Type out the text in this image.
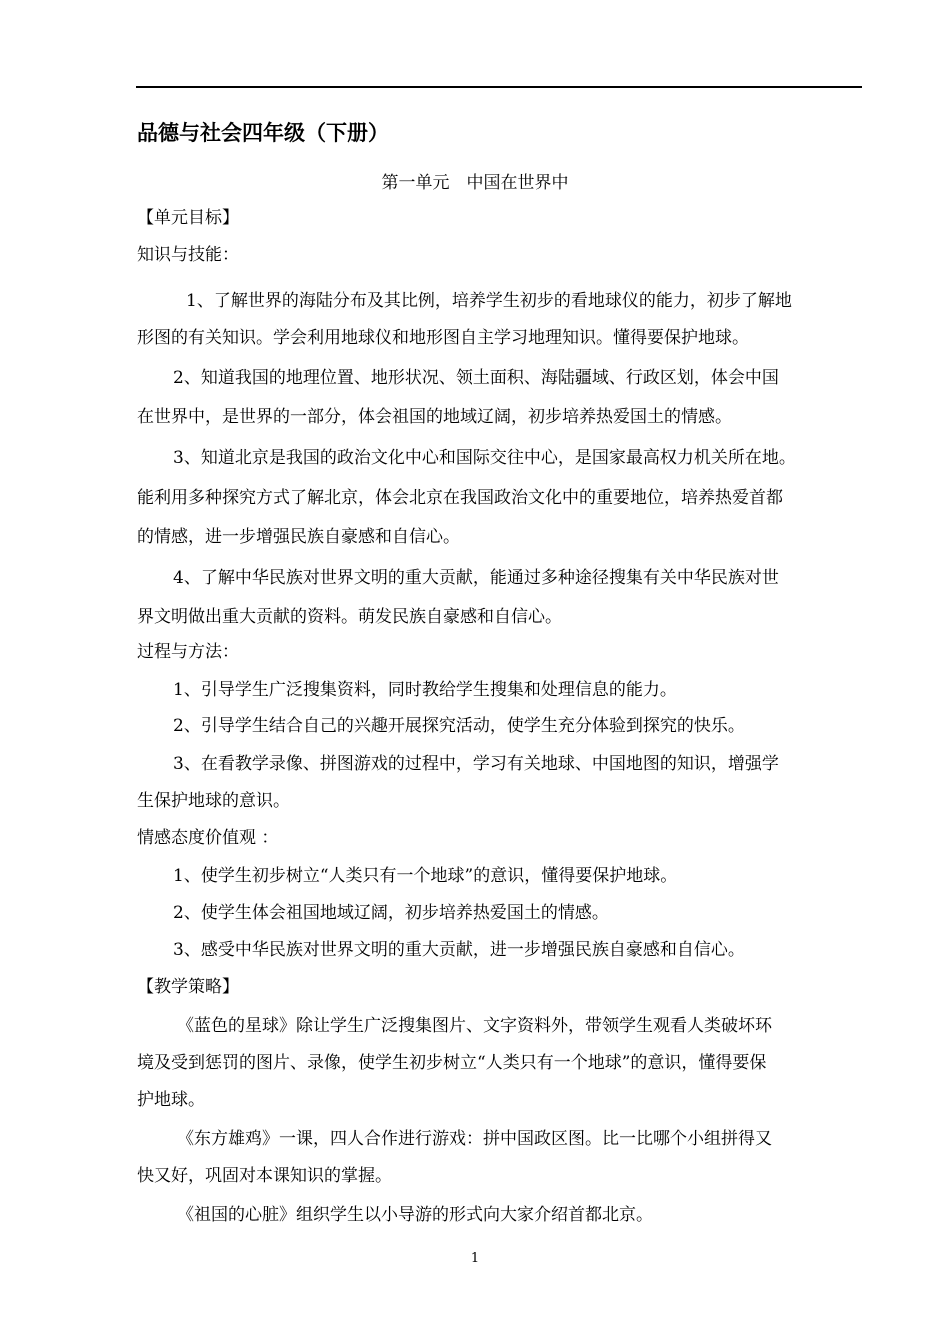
品德与社会四年级（下册）
第一单元　中国在世界中
【单元目标】
知识与技能：
1、了解世界的海陆分布及其比例，培养学生初步的看地球仪的能力，初步了解地
形图的有关知识。学会利用地球仪和地形图自主学习地理知识。懂得要保护地球。
2、知道我国的地理位置、地形状况、领土面积、海陆疆域、行政区划，体会中国
在世界中，是世界的一部分，体会祖国的地域辽阔，初步培养热爱国土的情感。
3、知道北京是我国的政治文化中心和国际交往中心，是国家最高权力机关所在地。
能利用多种探究方式了解北京，体会北京在我国政治文化中的重要地位，培养热爱首都
的情感，进一步增强民族自豪感和自信心。
4、了解中华民族对世界文明的重大贡献，能通过多种途径搜集有关中华民族对世
界文明做出重大贡献的资料。萌发民族自豪感和自信心。
过程与方法：
1、引导学生广泛搜集资料，同时教给学生搜集和处理信息的能力。
2、引导学生结合自己的兴趣开展探究活动，使学生充分体验到探究的快乐。
3、在看教学录像、拼图游戏的过程中，学习有关地球、中国地图的知识，增强学
生保护地球的意识。
情感态度价值观 ：
1、使学生初步树立“人类只有一个地球”的意识，懂得要保护地球。
2、使学生体会祖国地域辽阔，初步培养热爱国土的情感。
3、感受中华民族对世界文明的重大贡献，进一步增强民族自豪感和自信心。
【教学策略】
《蓝色的星球》除让学生广泛搜集图片、文字资料外，带领学生观看人类破坏环
境及受到惩罚的图片、录像，使学生初步树立“人类只有一个地球”的意识，懂得要保
护地球。
《东方雄鸡》一课，四人合作进行游戏：拼中国政区图。比一比哪个小组拼得又
快又好，巩固对本课知识的掌握。
《祖国的心脏》组织学生以小导游的形式向大家介绍首都北京。
1
